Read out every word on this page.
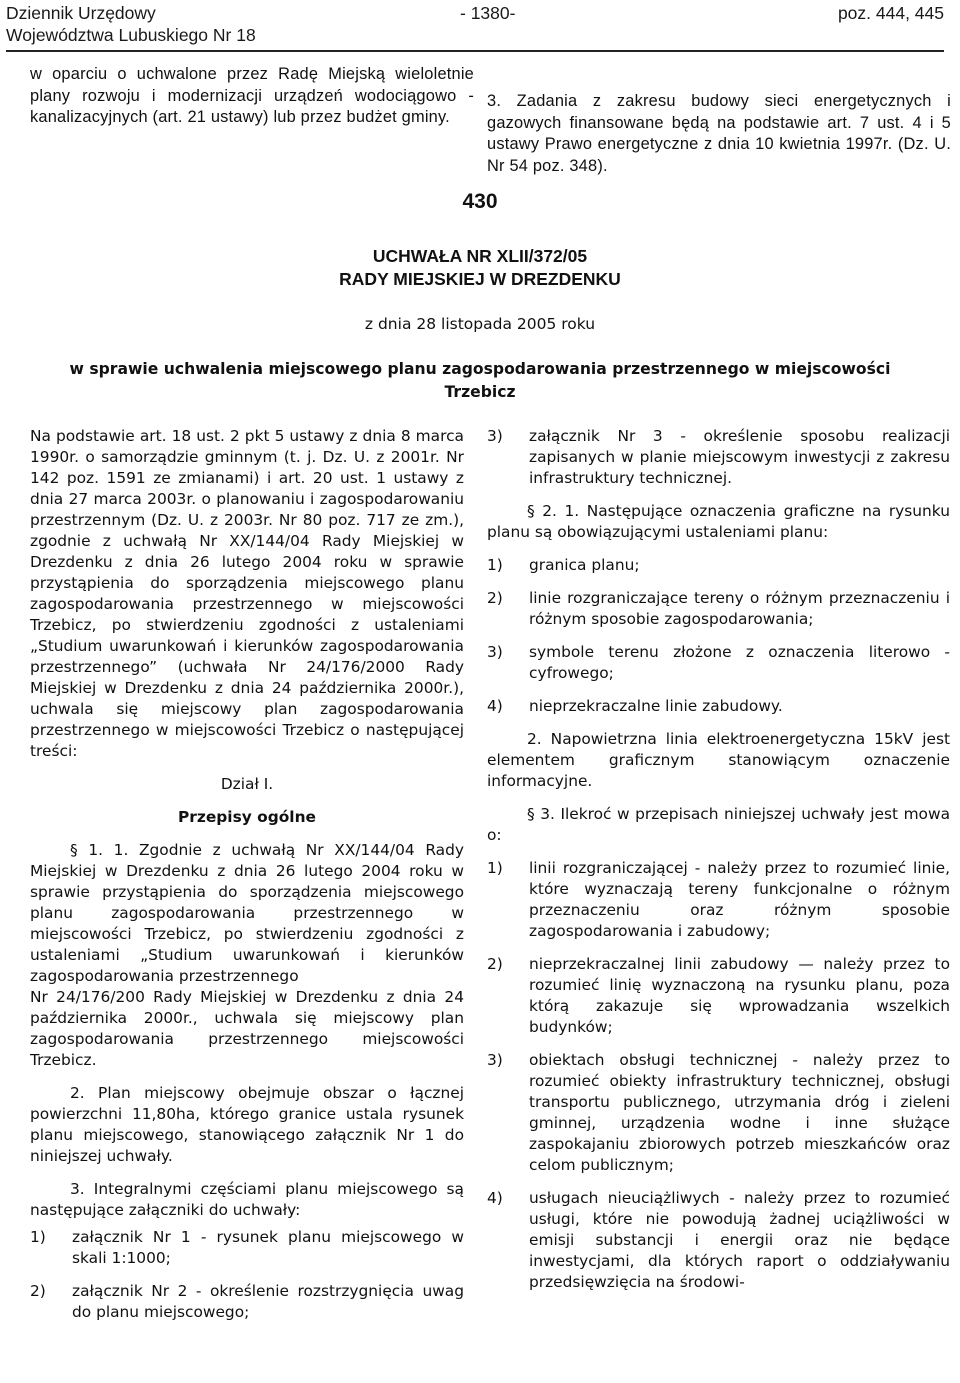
Dziennik Urzędowy
Województwa Lubuskiego Nr 18
- 1380-	poz. 444, 445
w oparciu o uchwalone przez Radę Miejską wieloletnie plany rozwoju i modernizacji urządzeń wodociągowo - kanalizacyjnych (art. 21 ustawy) lub przez budżet gminy.
3. Zadania z zakresu budowy sieci energetycznych i gazowych finansowane będą na podstawie art. 7 ust. 4 i 5 ustawy Prawo energetyczne z dnia 10 kwietnia 1997r. (Dz. U. Nr 54 poz. 348).
430
UCHWAŁA NR XLII/372/05
RADY MIEJSKIEJ W DREZDENKU
z dnia 28 listopada 2005 roku
w sprawie uchwalenia miejscowego planu zagospodarowania przestrzennego w miejscowości
Trzebicz
Na podstawie art. 18 ust. 2 pkt 5 ustawy z dnia 8 marca 1990r. o samorządzie gminnym (t. j. Dz. U. z 2001r. Nr 142 poz. 1591 ze zmianami) i art. 20 ust. 1 ustawy z dnia 27 marca 2003r. o planowaniu i zagospodarowaniu przestrzennym (Dz. U. z 2003r. Nr 80 poz. 717 ze zm.), zgodnie z uchwałą Nr XX/144/04 Rady Miejskiej w Drezdenku z dnia 26 lutego 2004 roku w sprawie przystąpienia do sporządzenia miejscowego planu zagospodarowania przestrzennego w miejscowości Trzebicz, po stwierdzeniu zgodności z ustaleniami „Studium uwarunkowań i kierunków zagospodarowania przestrzennego” (uchwała Nr 24/176/2000 Rady Miejskiej w Drezdenku z dnia 24 października 2000r.), uchwala się miejscowy plan zagospodarowania przestrzennego w miejscowości Trzebicz o następującej treści:
Dział I.
Przepisy ogólne
§ 1. 1. Zgodnie z uchwałą Nr XX/144/04 Rady Miejskiej w Drezdenku z dnia 26 lutego 2004 roku w sprawie przystąpienia do sporządzenia miejscowego planu zagospodarowania przestrzennego w miejscowości Trzebicz, po stwierdzeniu zgodności z ustaleniami „Studium uwarunkowań i kierunków zagospodarowania przestrzennego
Nr 24/176/200 Rady Miejskiej w Drezdenku z dnia 24 października 2000r., uchwala się miejscowy plan zagospodarowania przestrzennego miejscowości Trzebicz.
2. Plan miejscowy obejmuje obszar o łącznej powierzchni 11,80ha, którego granice ustala rysunek planu miejscowego, stanowiącego załącznik Nr 1 do niniejszej uchwały.
3. Integralnymi częściami planu miejscowego są następujące załączniki do uchwały:
1)	załącznik Nr 1 - rysunek planu miejscowego w skali 1:1000;
2)	załącznik Nr 2 - określenie rozstrzygnięcia uwag do planu miejscowego;
3)	załącznik Nr 3 - określenie sposobu realizacji zapisanych w planie miejscowym inwestycji z zakresu infrastruktury technicznej.
§ 2. 1. Następujące oznaczenia graficzne na rysunku planu są obowiązującymi ustaleniami planu:
1)	granica planu;
2)	linie rozgraniczające tereny o różnym przeznaczeniu i różnym sposobie zagospodarowania;
3)	symbole terenu złożone z oznaczenia literowo - cyfrowego;
4)	nieprzekraczalne linie zabudowy.
2. Napowietrzna linia elektroenergetyczna 15kV jest elementem graficznym stanowiącym oznaczenie informacyjne.
§ 3. Ilekroć w przepisach niniejszej uchwały jest mowa o:
1)	linii rozgraniczającej - należy przez to rozumieć linie, które wyznaczają tereny funkcjonalne o różnym przeznaczeniu oraz różnym sposobie zagospodarowania i zabudowy;
2)	nieprzekraczalnej linii zabudowy — należy przez to rozumieć linię wyznaczoną na rysunku planu, poza którą zakazuje się wprowadzania wszelkich budynków;
3)	obiektach obsługi technicznej - należy przez to rozumieć obiekty infrastruktury technicznej, obsługi transportu publicznego, utrzymania dróg i zieleni gminnej, urządzenia wodne i inne służące zaspokajaniu zbiorowych potrzeb mieszkańców oraz celom publicznym;
4)	usługach nieuciążliwych - należy przez to rozumieć usługi, które nie powodują żadnej uciążliwości w emisji substancji i energii oraz nie będące inwestycjami, dla których raport o oddziaływaniu przedsięwzięcia na środowi-
